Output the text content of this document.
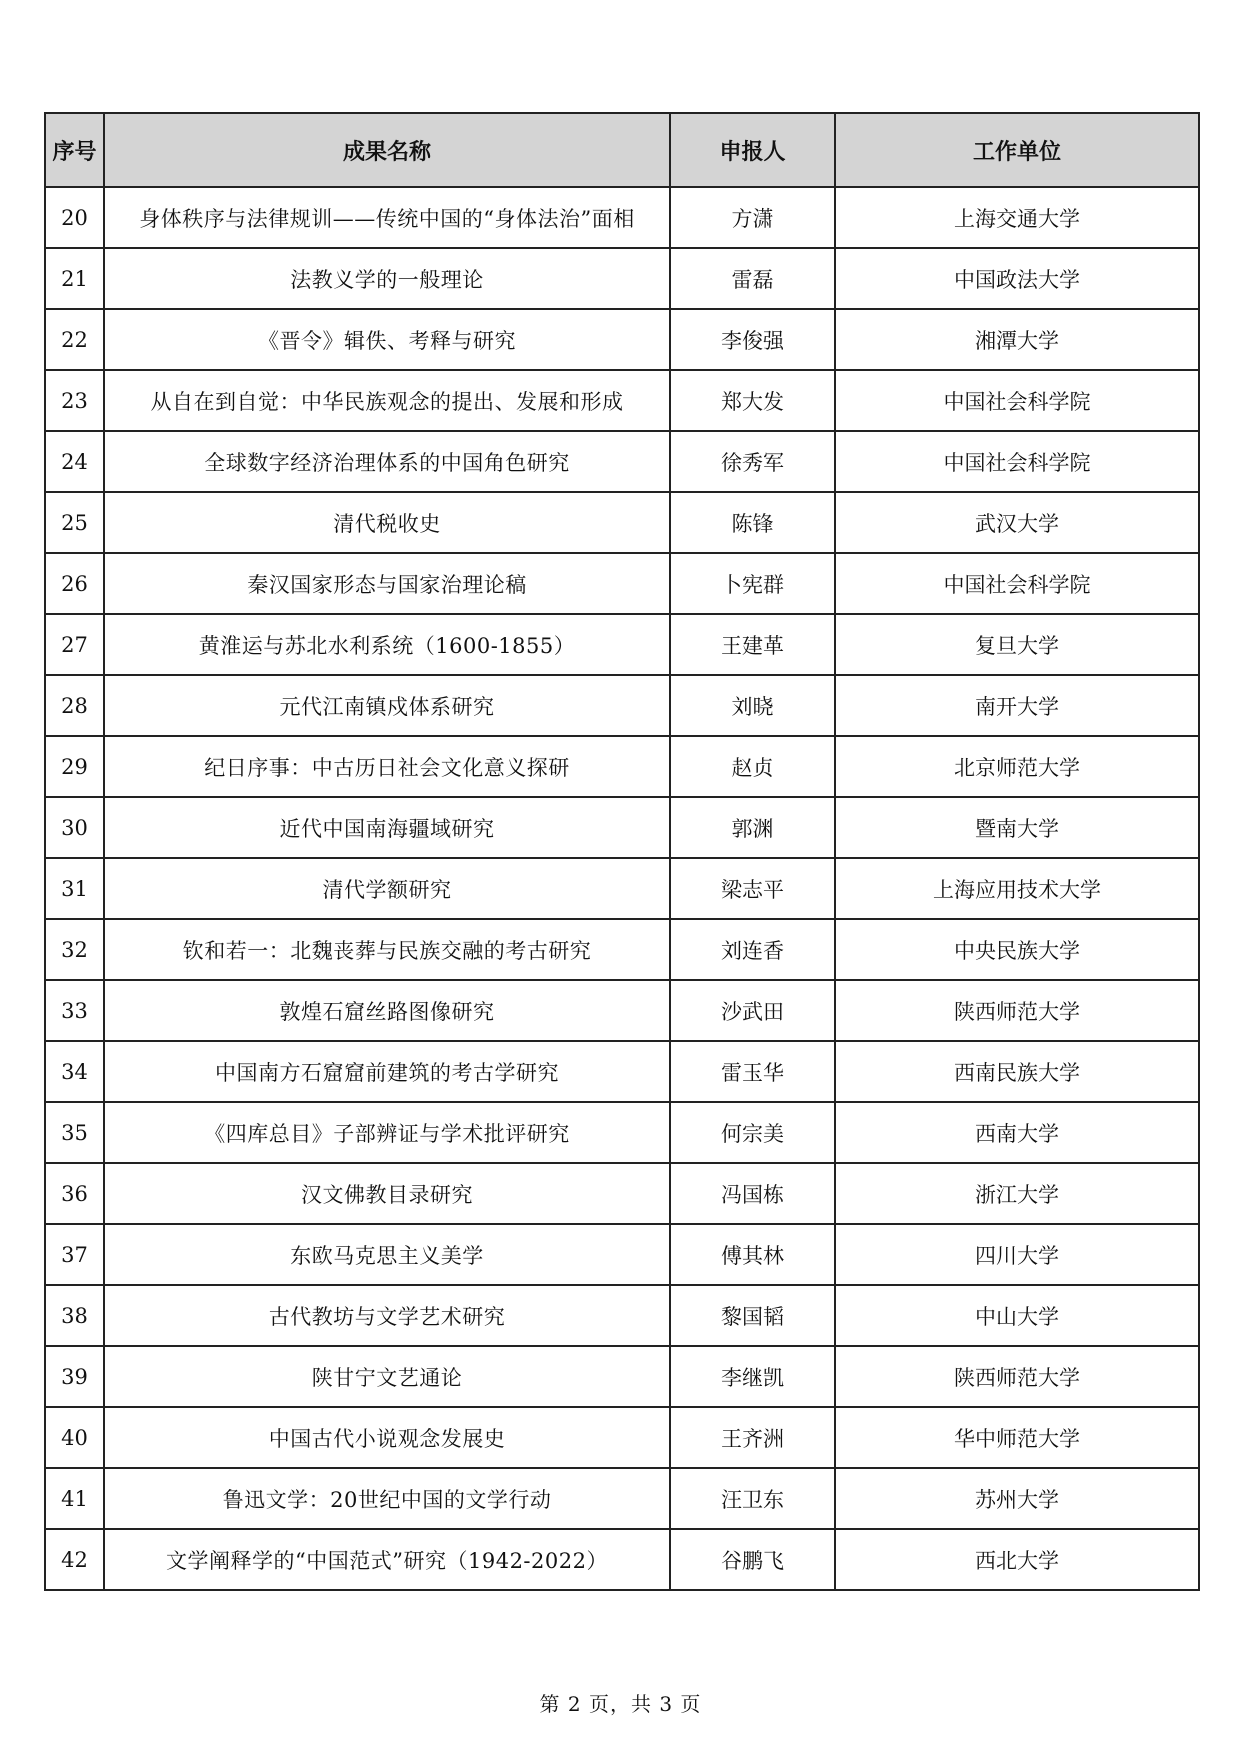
序号	成果名称	申报人	工作单位
20	身体秩序与法律规训——传统中国的“身体法治”面相	方潇	上海交通大学
21	法教义学的一般理论	雷磊	中国政法大学
22	《晋令》辑佚、考释与研究	李俊强	湘潭大学
23	从自在到自觉：中华民族观念的提出、发展和形成	郑大发	中国社会科学院
24	全球数字经济治理体系的中国角色研究	徐秀军	中国社会科学院
25	清代税收史	陈锋	武汉大学
26	秦汉国家形态与国家治理论稿	卜宪群	中国社会科学院
27	黄淮运与苏北水利系统（1600-1855）	王建革	复旦大学
28	元代江南镇戍体系研究	刘晓	南开大学
29	纪日序事：中古历日社会文化意义探研	赵贞	北京师范大学
30	近代中国南海疆域研究	郭渊	暨南大学
31	清代学额研究	梁志平	上海应用技术大学
32	钦和若一：北魏丧葬与民族交融的考古研究	刘连香	中央民族大学
33	敦煌石窟丝路图像研究	沙武田	陕西师范大学
34	中国南方石窟窟前建筑的考古学研究	雷玉华	西南民族大学
35	《四库总目》子部辨证与学术批评研究	何宗美	西南大学
36	汉文佛教目录研究	冯国栋	浙江大学
37	东欧马克思主义美学	傅其林	四川大学
38	古代教坊与文学艺术研究	黎国韬	中山大学
39	陕甘宁文艺通论	李继凯	陕西师范大学
40	中国古代小说观念发展史	王齐洲	华中师范大学
41	鲁迅文学：20世纪中国的文学行动	汪卫东	苏州大学
42	文学阐释学的“中国范式”研究（1942-2022）	谷鹏飞	西北大学
第 2 页，共 3 页
